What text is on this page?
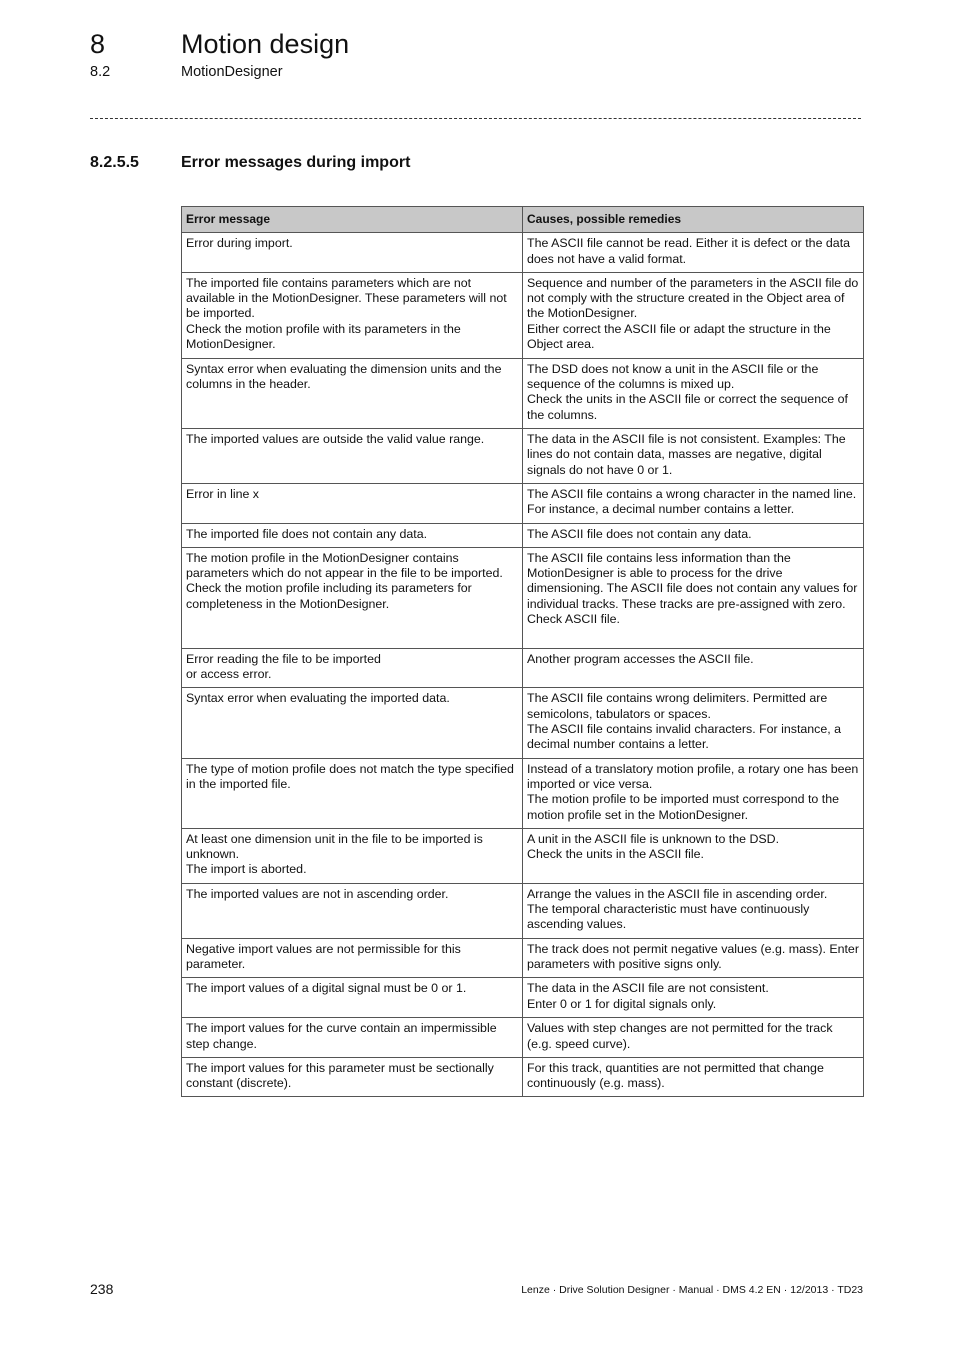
8	Motion design
8.2	MotionDesigner
8.2.5.5	Error messages during import
Error message	Causes, possible remedies

Error during import.	The ASCII file cannot be read. Either it is defect or the data does not have a valid format.

The imported file contains parameters which are not available in the MotionDesigner. These parameters will not be imported.
Check the motion profile with its parameters in the MotionDesigner.	Sequence and number of the parameters in the ASCII file do not comply with the structure created in the Object area of the MotionDesigner.
Either correct the ASCII file or adapt the structure in the Object area.

Syntax error when evaluating the dimension units and the columns in the header.	The DSD does not know a unit in the ASCII file or the sequence of the columns is mixed up.
Check the units in the ASCII file or correct the sequence of the columns.

The imported values are outside the valid value range.	The data in the ASCII file is not consistent. Examples: The lines do not contain data, masses are negative, digital signals do not have 0 or 1.

Error in line x	The ASCII file contains a wrong character in the named line. For instance, a decimal number contains a letter.

The imported file does not contain any data.	The ASCII file does not contain any data.

The motion profile in the MotionDesigner contains parameters which do not appear in the file to be imported.
Check the motion profile including its parameters for completeness in the MotionDesigner.	The ASCII file contains less information than the MotionDesigner is able to process for the drive dimensioning. The ASCII file does not contain any values for individual tracks. These tracks are pre-assigned with zero.
Check ASCII file.

Error reading the file to be imported
or access error.	Another program accesses the ASCII file.

Syntax error when evaluating the imported data.	The ASCII file contains wrong delimiters. Permitted are semicolons, tabulators or spaces.
The ASCII file contains invalid characters. For instance, a decimal number contains a letter.

The type of motion profile does not match the type specified in the imported file.	Instead of a translatory motion profile, a rotary one has been imported or vice versa.
The motion profile to be imported must correspond to the motion profile set in the MotionDesigner.

At least one dimension unit in the file to be imported is unknown.
The import is aborted.	A unit in the ASCII file is unknown to the DSD.
Check the units in the ASCII file.

The imported values are not in ascending order.	Arrange the values in the ASCII file in ascending order.
The temporal characteristic must have continuously ascending values.

Negative import values are not permissible for this parameter.	The track does not permit negative values (e.g. mass). Enter parameters with positive signs only.

The import values of a digital signal must be 0 or 1.	The data in the ASCII file are not consistent.
Enter 0 or 1 for digital signals only.

The import values for the curve contain an impermissible step change.	Values with step changes are not permitted for the track (e.g. speed curve).

The import values for this parameter must be sectionally constant (discrete).	For this track, quantities are not permitted that change continuously (e.g. mass).
238	Lenze · Drive Solution Designer · Manual · DMS 4.2 EN · 12/2013 · TD23
